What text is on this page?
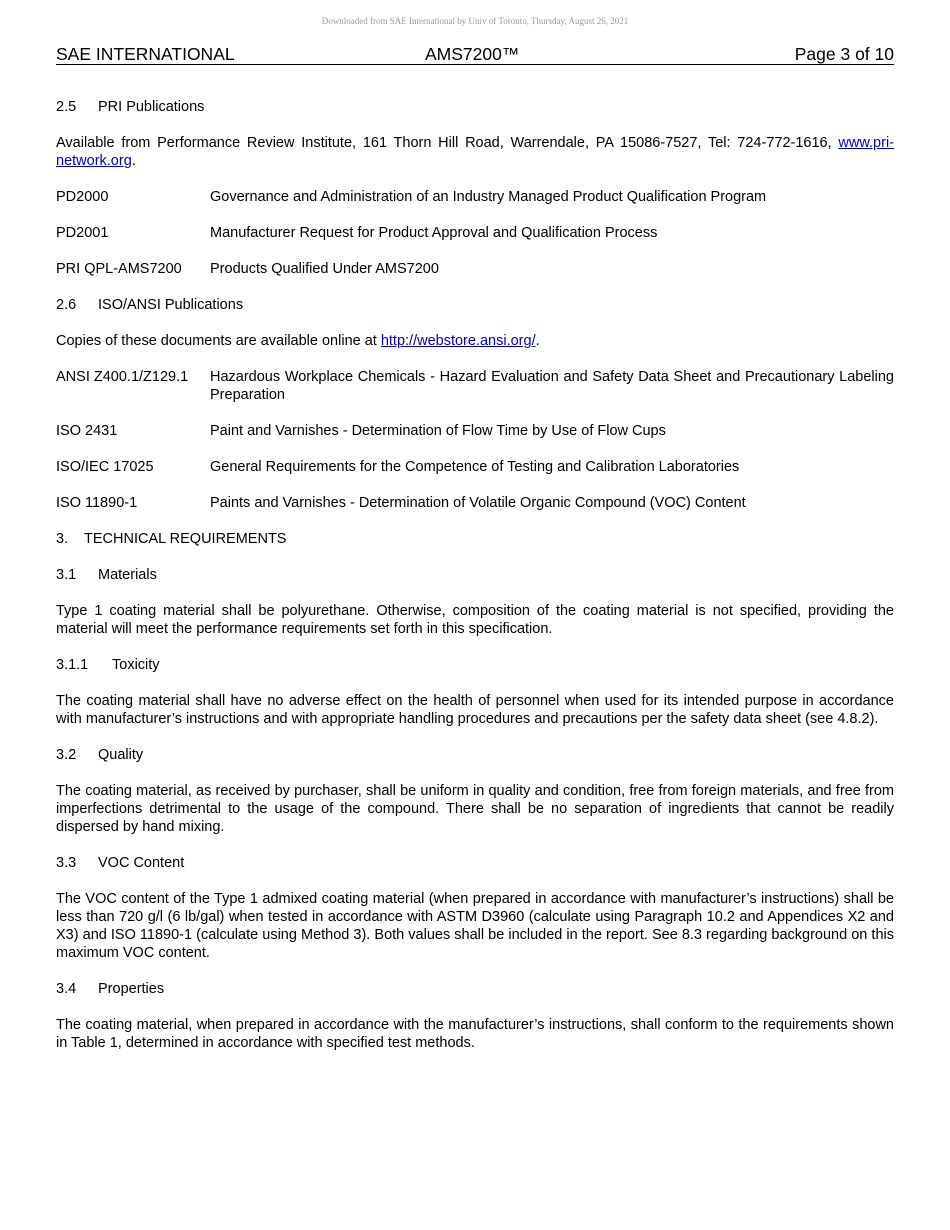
Downloaded from SAE International by Univ of Toronto, Thursday, August 26, 2021
SAE INTERNATIONAL	AMS7200™	Page 3 of 10
2.5 PRI Publications

Available from Performance Review Institute, 161 Thorn Hill Road, Warrendale, PA 15086-7527, Tel: 724-772-1616, www.pri-network.org.

PD2000	Governance and Administration of an Industry Managed Product Qualification Program
PD2001	Manufacturer Request for Product Approval and Qualification Process
PRI QPL-AMS7200	Products Qualified Under AMS7200
2.6 ISO/ANSI Publications

Copies of these documents are available online at http://webstore.ansi.org/.

ANSI Z400.1/Z129.1	Hazardous Workplace Chemicals - Hazard Evaluation and Safety Data Sheet and Precautionary Labeling Preparation
ISO 2431	Paint and Varnishes - Determination of Flow Time by Use of Flow Cups
ISO/IEC 17025	General Requirements for the Competence of Testing and Calibration Laboratories
ISO 11890-1	Paints and Varnishes - Determination of Volatile Organic Compound (VOC) Content
3. TECHNICAL REQUIREMENTS
3.1 Materials

Type 1 coating material shall be polyurethane. Otherwise, composition of the coating material is not specified, providing the material will meet the performance requirements set forth in this specification.

3.1.1 Toxicity

The coating material shall have no adverse effect on the health of personnel when used for its intended purpose in accordance with manufacturer’s instructions and with appropriate handling procedures and precautions per the safety data sheet (see 4.8.2).

3.2 Quality

The coating material, as received by purchaser, shall be uniform in quality and condition, free from foreign materials, and free from imperfections detrimental to the usage of the compound. There shall be no separation of ingredients that cannot be readily dispersed by hand mixing.

3.3 VOC Content

The VOC content of the Type 1 admixed coating material (when prepared in accordance with manufacturer’s instructions) shall be less than 720 g/l (6 lb/gal) when tested in accordance with ASTM D3960 (calculate using Paragraph 10.2 and Appendices X2 and X3) and ISO 11890-1 (calculate using Method 3). Both values shall be included in the report. See 8.3 regarding background on this maximum VOC content.

3.4 Properties

The coating material, when prepared in accordance with the manufacturer’s instructions, shall conform to the requirements shown in Table 1, determined in accordance with specified test methods.
